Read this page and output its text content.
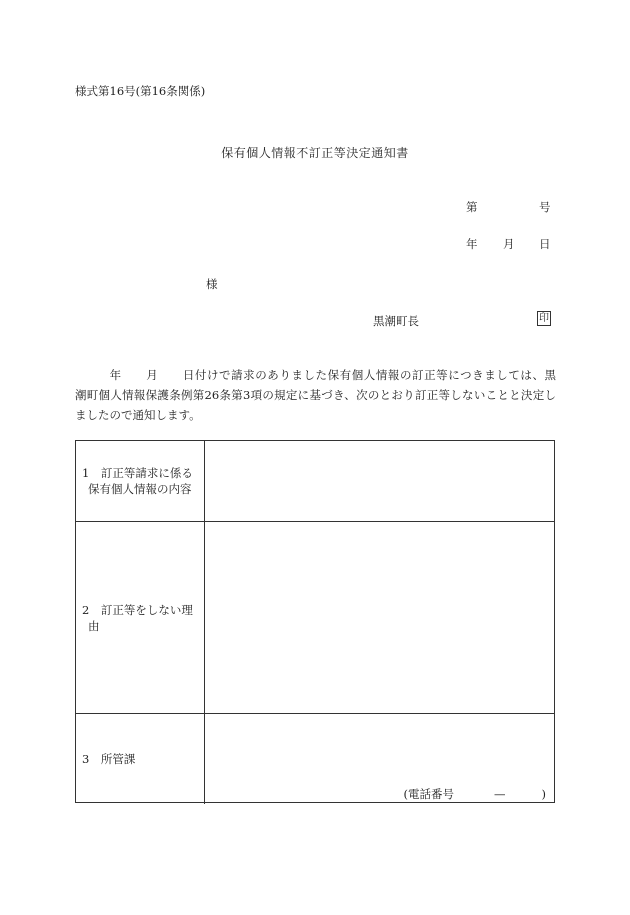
様式第16号(第16条関係)
保有個人情報不訂正等決定通知書
第	号
年 月 日
様
黒潮町長	印
年 月 日付けで請求のありました保有個人情報の訂正等につきましては、黒
潮町個人情報保護条例第26条第3項の規定に基づき、次のとおり訂正等しないことと決定し
ましたので通知します。
1　訂正等請求に係る
保有個人情報の内容
2　訂正等をしない理
由
3　所管課
(電話番号	—	)
